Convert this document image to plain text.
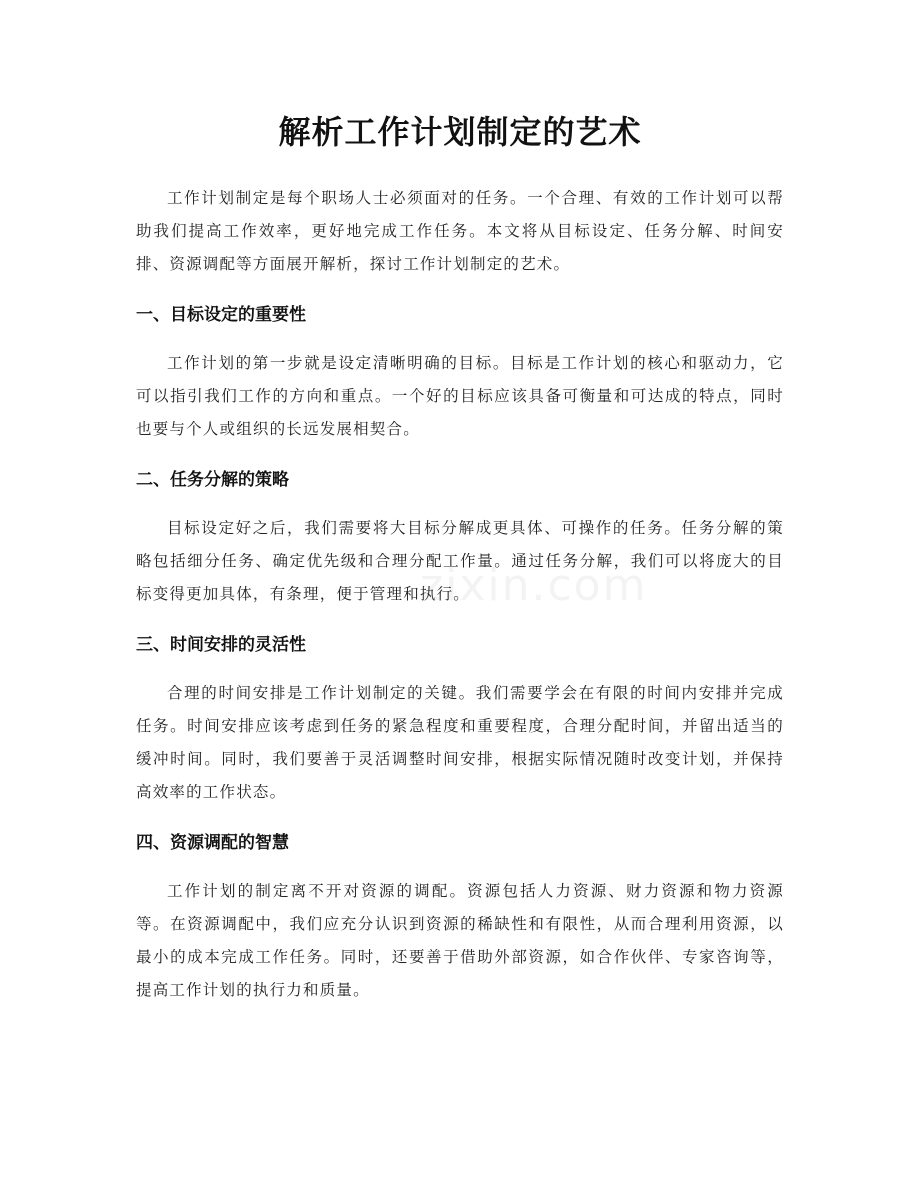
解析工作计划制定的艺术

工作计划制定是每个职场人士必须面对的任务。一个合理、有效的工作计划可以帮助我们提高工作效率，更好地完成工作任务。本文将从目标设定、任务分解、时间安排、资源调配等方面展开解析，探讨工作计划制定的艺术。

一、目标设定的重要性

工作计划的第一步就是设定清晰明确的目标。目标是工作计划的核心和驱动力，它可以指引我们工作的方向和重点。一个好的目标应该具备可衡量和可达成的特点，同时也要与个人或组织的长远发展相契合。

二、任务分解的策略

目标设定好之后，我们需要将大目标分解成更具体、可操作的任务。任务分解的策略包括细分任务、确定优先级和合理分配工作量。通过任务分解，我们可以将庞大的目标变得更加具体，有条理，便于管理和执行。

三、时间安排的灵活性

合理的时间安排是工作计划制定的关键。我们需要学会在有限的时间内安排并完成任务。时间安排应该考虑到任务的紧急程度和重要程度，合理分配时间，并留出适当的缓冲时间。同时，我们要善于灵活调整时间安排，根据实际情况随时改变计划，并保持高效率的工作状态。

四、资源调配的智慧

工作计划的制定离不开对资源的调配。资源包括人力资源、财力资源和物力资源等。在资源调配中，我们应充分认识到资源的稀缺性和有限性，从而合理利用资源，以最小的成本完成工作任务。同时，还要善于借助外部资源，如合作伙伴、专家咨询等，提高工作计划的执行力和质量。

zixin.com
